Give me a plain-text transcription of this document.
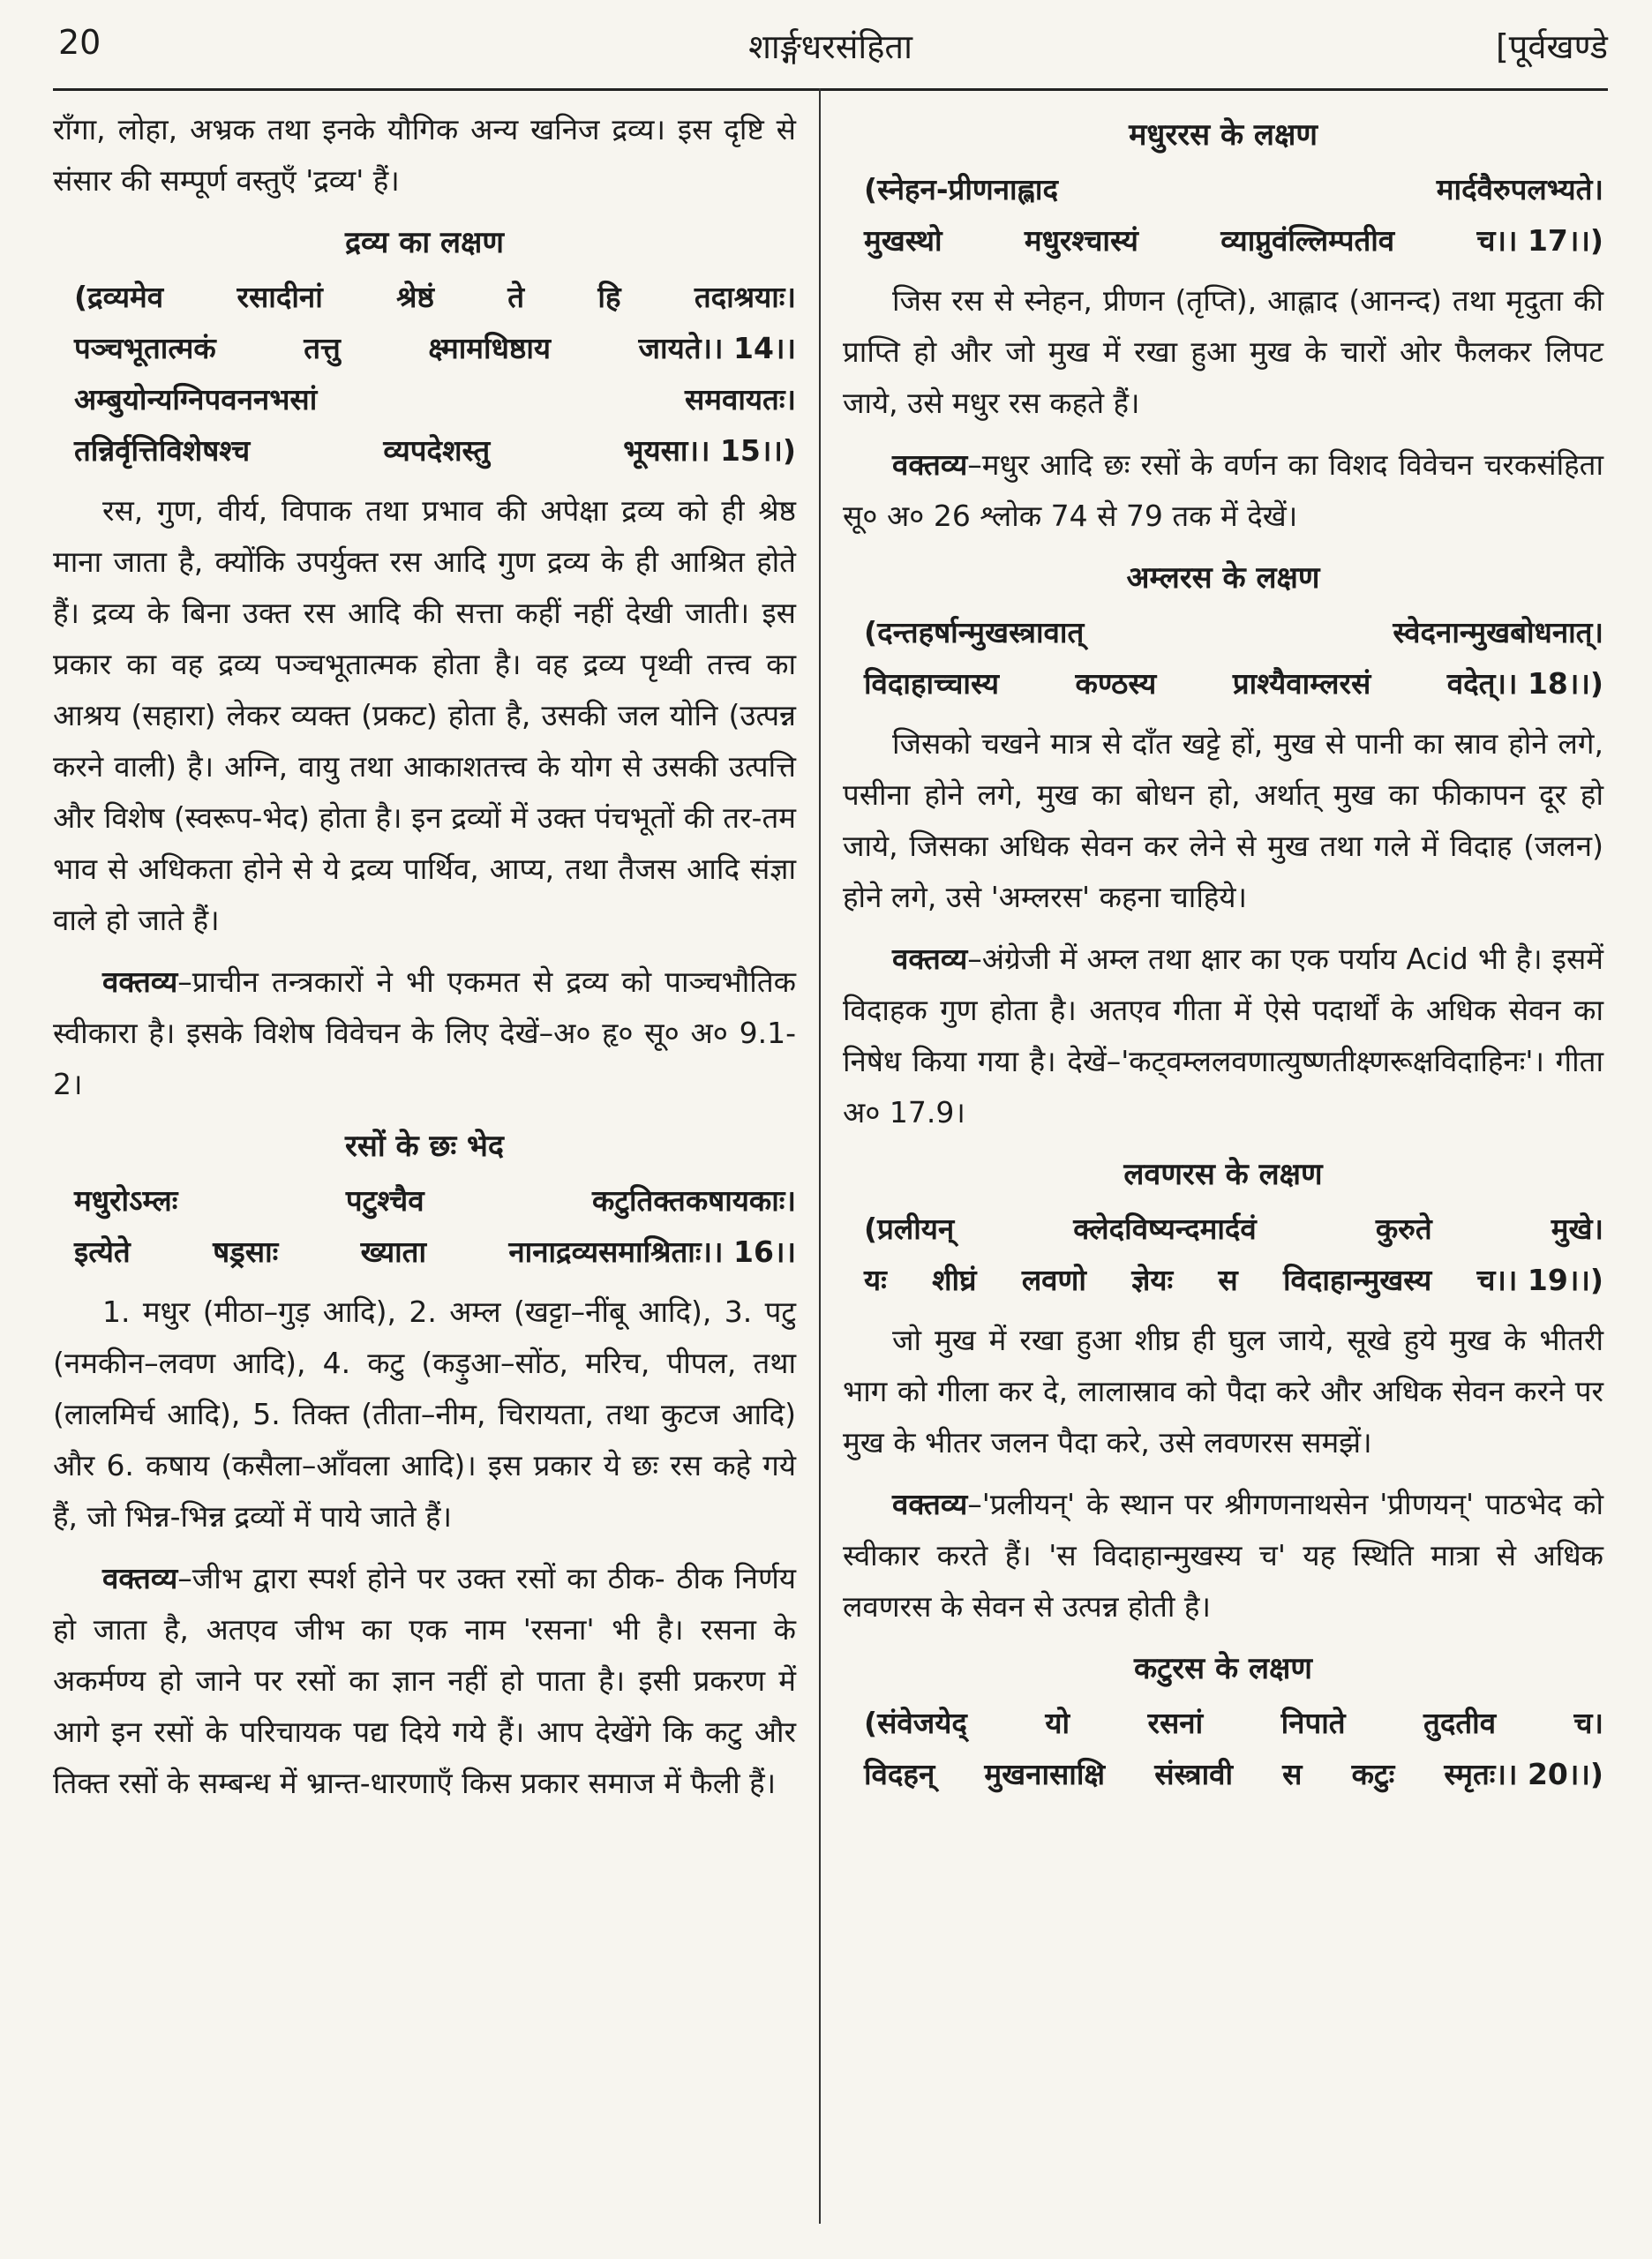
20	शार्ङ्गधरसंहिता	[पूर्वखण्डे

राँगा, लोहा, अभ्रक तथा इनके यौगिक अन्य खनिज द्रव्य। इस दृष्टि से संसार की सम्पूर्ण वस्तुएँ 'द्रव्य' हैं।

द्रव्य का लक्षण
(द्रव्यमेव	रसादीनां	श्रेष्ठं	ते	हि	तदाश्रयाः।
पञ्चभूतात्मकं	तत्तु	क्ष्मामधिष्ठाय	जायते।। 14।।
अम्बुयोन्यग्निपवननभसां	समवायतः।
तन्निर्वृत्तिविशेषश्च	व्यपदेशस्तु	भूयसा।। 15।।)

रस, गुण, वीर्य, विपाक तथा प्रभाव की अपेक्षा द्रव्य को ही श्रेष्ठ माना जाता है, क्योंकि उपर्युक्त रस आदि गुण द्रव्य के ही आश्रित होते हैं। द्रव्य के बिना उक्त रस आदि की सत्ता कहीं नहीं देखी जाती। इस प्रकार का वह द्रव्य पञ्चभूतात्मक होता है। वह द्रव्य पृथ्वी तत्त्व का आश्रय (सहारा) लेकर व्यक्त (प्रकट) होता है, उसकी जल योनि (उत्पन्न करने वाली) है। अग्नि, वायु तथा आकाशतत्त्व के योग से उसकी उत्पत्ति और विशेष (स्वरूप-भेद) होता है। इन द्रव्यों में उक्त पंचभूतों की तर-तम भाव से अधिकता होने से ये द्रव्य पार्थिव, आप्य, तथा तैजस आदि संज्ञा वाले हो जाते हैं।

वक्तव्य–प्राचीन तन्त्रकारों ने भी एकमत से द्रव्य को पाञ्चभौतिक स्वीकारा है। इसके विशेष विवेचन के लिए देखें–अ० हृ० सू० अ० 9.1-2।

रसों के छः भेद
मधुरोऽम्लः	पटुश्चैव	कटुतिक्तकषायकाः।
इत्येते	षड्रसाः	ख्याता	नानाद्रव्यसमाश्रिताः।। 16।।

1. मधुर (मीठा–गुड़ आदि), 2. अम्ल (खट्टा–नींबू आदि), 3. पटु (नमकीन–लवण आदि), 4. कटु (कड़ुआ–सोंठ, मरिच, पीपल, तथा (लालमिर्च आदि), 5. तिक्त (तीता–नीम, चिरायता, तथा कुटज आदि) और 6. कषाय (कसैला–आँवला आदि)। इस प्रकार ये छः रस कहे गये हैं, जो भिन्न-भिन्न द्रव्यों में पाये जाते हैं।

वक्तव्य–जीभ द्वारा स्पर्श होने पर उक्त रसों का ठीक- ठीक निर्णय हो जाता है, अतएव जीभ का एक नाम 'रसना' भी है। रसना के अकर्मण्य हो जाने पर रसों का ज्ञान नहीं हो पाता है। इसी प्रकरण में आगे इन रसों के परिचायक पद्य दिये गये हैं। आप देखेंगे कि कटु और तिक्त रसों के सम्बन्ध में भ्रान्त-धारणाएँ किस प्रकार समाज में फैली हैं।

मधुररस के लक्षण
(स्नेहन-प्रीणनाह्लाद	मार्दवैरुपलभ्यते।
मुखस्थो	मधुरश्चास्यं	व्याप्नुवंल्लिम्पतीव	च।। 17।।)

जिस रस से स्नेहन, प्रीणन (तृप्ति), आह्लाद (आनन्द) तथा मृदुता की प्राप्ति हो और जो मुख में रखा हुआ मुख के चारों ओर फैलकर लिपट जाये, उसे मधुर रस कहते हैं।

वक्तव्य–मधुर आदि छः रसों के वर्णन का विशद विवेचन चरकसंहिता सू० अ० 26 श्लोक 74 से 79 तक में देखें।

अम्लरस के लक्षण
(दन्तहर्षान्मुखस्त्रावात्	स्वेदनान्मुखबोधनात्।
विदाहाच्चास्य	कण्ठस्य	प्राश्यैवाम्लरसं	वदेत्।। 18।।)

जिसको चखने मात्र से दाँत खट्टे हों, मुख से पानी का स्राव होने लगे, पसीना होने लगे, मुख का बोधन हो, अर्थात् मुख का फीकापन दूर हो जाये, जिसका अधिक सेवन कर लेने से मुख तथा गले में विदाह (जलन) होने लगे, उसे 'अम्लरस' कहना चाहिये।

वक्तव्य–अंग्रेजी में अम्ल तथा क्षार का एक पर्याय Acid भी है। इसमें विदाहक गुण होता है। अतएव गीता में ऐसे पदार्थों के अधिक सेवन का निषेध किया गया है। देखें–'कट्वम्ललवणात्युष्णतीक्ष्णरूक्षविदाहिनः'। गीता अ० 17.9।

लवणरस के लक्षण
(प्रलीयन्	क्लेदविष्यन्दमार्दवं	कुरुते	मुखे।
यः शीघ्रं लवणो ज्ञेयः स विदाहान्मुखस्य च।। 19।।)

जो मुख में रखा हुआ शीघ्र ही घुल जाये, सूखे हुये मुख के भीतरी भाग को गीला कर दे, लालास्राव को पैदा करे और अधिक सेवन करने पर मुख के भीतर जलन पैदा करे, उसे लवणरस समझें।

वक्तव्य–'प्रलीयन्' के स्थान पर श्रीगणनाथसेन 'प्रीणयन्' पाठभेद को स्वीकार करते हैं। 'स विदाहान्मुखस्य च' यह स्थिति मात्रा से अधिक लवणरस के सेवन से उत्पन्न होती है।

कटुरस के लक्षण
(संवेजयेद्	यो	रसनां	निपाते	तुदतीव	च।
विदहन् मुखनासाक्षि संस्त्रावी स कटुः स्मृतः।। 20।।)
